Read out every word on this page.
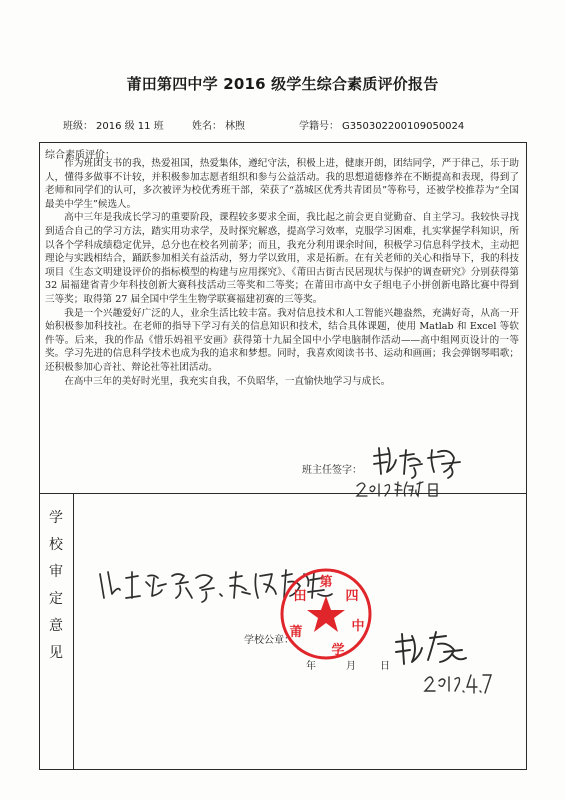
莆田第四中学 2016 级学生综合素质评价报告
班级： 2016 级 11 班	姓名： 林煦	学籍号： G350302200109050024
综合素质评价：

作为班团支书的我，热爱祖国，热爱集体，遵纪守法，积极上进，健康开朗，团结同学，严于律己，乐于助人，懂得多做事不计较，并积极参加志愿者组织和参与公益活动。我的思想道德修养在不断提高和表现，得到了老师和同学们的认可，多次被评为校优秀班干部，荣获了“荔城区优秀共青团员”等称号，还被学校推荐为“全国最美中学生”候选人。

高中三年是我成长学习的重要阶段，课程较多要求全面，我比起之前会更自觉勤奋、自主学习。我较快寻找到适合自己的学习方法，踏实用功求学，及时探究解惑，提高学习效率，克服学习困难，扎实掌握学科知识，所以各个学科成绩稳定优异，总分也在校名列前茅；而且，我充分利用课余时间，积极学习信息科学技术，主动把理论与实践相结合，踊跃参加相关有益活动，努力学以致用，求是拓新。在有关老师的关心和指导下，我的科技项目《生态文明建设评价的指标模型的构建与应用探究》、《莆田古街古民居现状与保护的调查研究》分别获得第 32 届福建省青少年科技创新大赛科技活动三等奖和二等奖；在莆田市高中女子组电子小拼创新电路比赛中得到三等奖；取得第 27 届全国中学生生物学联赛福建初赛的三等奖。

我是一个兴趣爱好广泛的人，业余生活比较丰富。我对信息技术和人工智能兴趣盎然，充满好奇，从高一开始积极参加科技社。在老师的指导下学习有关的信息知识和技术，结合具体课题，使用 Matlab 和 Excel 等软件等。后来，我的作品《惜乐妈祖平安画》获得第十九届全国中小学电脑制作活动——高中组网页设计的一等奖。学习先进的信息科学技术也成为我的追求和梦想。同时，我喜欢阅读书书、运动和画画；我会弹钢琴唱歌；还积极参加心音社、辩论社等社团活动。

在高中三年的美好时光里，我充实自我，不负昭华，一直愉快地学习与成长。

班主任签字：
2019 年 4 月 7 日
学
校
审
定
意
见
以上情况属实，评价客观公正
莆
田
第
四
中
学
学校公章：
年	月 日
郑敏
2019. 4. 7
